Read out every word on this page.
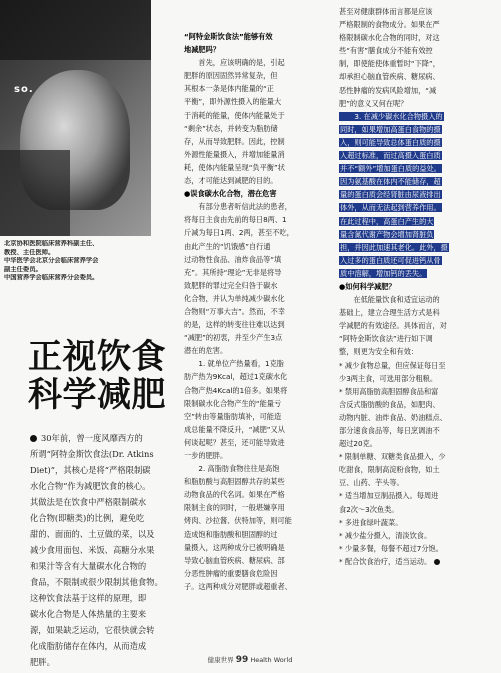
so.
北京协和医院临床营养科副主任、
教授、主任医师。
中华医学会北京分会临床营养学会
副主任委员。
中国营养学会临床营养分会委员。
正视饮食
科学减肥
30年前，曾一度风靡西方的
所谓“阿特金斯饮食法(Dr. Atkins
Diet)”，其核心是将“严格限制碳
水化合物”作为减肥饮食的核心。
其做法是在饮食中严格限制碳水
化合物(即糖类)的比例，避免吃
甜的、面面的、土豆做的菜，以及
减少食用面包、米饭、高糖分水果
和果汁等含有大量碳水化合物的
食品，不限制或很少限制其他食物。
这种饮食法基于这样的原理，即
碳水化合物是人体热量的主要来
源，如果缺乏运动，它很快就会转
化成脂肪储存在体内，从而造成
肥胖。
“阿特金斯饮食法”能够有效
地减肥吗？
　　首先，应该明确的是，引起
肥胖的原因固然异常复杂，但
其根本一条是体内能量的“正
平衡”，即外源性摄入的能量大
于消耗的能量，使体内能量处于
“剩余”状态，并转变为脂肪储
存，从而导致肥胖。因此，控制
外源性能量摄入，并增加能量消
耗，使体内能量呈现“负平衡”状
态，才可能达到减肥的目的。
●误食碳水化合物，潜在危害
　　有部分患者听信此法的患者，
将每日主食由先前的每日8两、1
斤减为每日1两、2两，甚至不吃，
由此产生的“饥饿感”自行通
过动物性食品、油炸食品等“填
充”。其所持“理论”无非是将导
致肥胖的罪过完全归咎于碳水
化合物，并认为单纯减少碳水化
合物则“万事大吉”。然而，不幸
的是，这样的转变往往难以达到
“减肥”的初衷，并至少产生3点
潜在的危害。
　　1. 就单位产热量看，1克脂
肪产热为9Kcal，超过1克碳水化
合物产热4Kcal的1倍多。如果将
限制碳水化合物产生的“能量亏
空”转由等量脂肪填补，可能造
成总能量不降反升，“减肥”又从
何谈起呢？甚至，还可能导致进
一步的肥胖。
　　2. 高脂肪食物往往是高饱
和脂肪酸与高胆固醇共存的某些
动物食品的代名词。如果在严格
限制主食的同时，一般堪嫌享用
烤肉、沙拉酱、伏特加等，则可能
造成饱和脂肪酸和胆固醇的过
量摄入，这两种成分已被明确是
导致心脑血管疾病、糖尿病、部
分恶性肿瘤的重要膳食危险因
子。这两种成分对肥胖或超重者、
甚至对健康群体而言都是应该
严格限制的食物成分。如果在严
格限制碳水化合物的同时，对这
些“有害”膳食成分不能有效控
制，即使能使体重暂时“下降”，
却承担心脑血管疾病、糖尿病、
恶性肿瘤的发病风险增加，“减
肥”的意义又何在呢？
　　3. 在减少碳水化合物摄入的
同时，如果增加高蛋白食物的摄
入，则可能导致总体蛋白质的摄
入超过标准，而过高摄入蛋白质
并不“额外”增加蛋白质的益处。
因为氨基酸在体内不能储存，超
量的蛋白质会经肾脏由尿液排出
体外，从而无法起到营养作用。
在此过程中，高蛋白产生的大
量含氮代谢产物会增加肾脏负
担，并因此加速其老化。此外，摄
入过多的蛋白质还可促进钙从骨
质中溶解，增加钙的丢失。
●如何科学减肥？
　　在低能量饮食和适宜运动的
基础上，建立合理生活方式是科
学减肥的有效途径。具体而言，对
“阿特金斯饮食法”进行如下调
整，则更为安全和有效：
* 减少食物总量，但应保证每日至
少3两主食，可选用部分粗粮。
* 禁用高脂肪高胆固醇食品和富
含反式脂肪酸的食品，如肥肉、
动物内脏、油炸食品、奶油糕点、
部分速食食品等，每日烹调油不
超过20克。
* 限制单糖、双糖类食品摄入，少
吃甜食，限制高淀粉食物，如土
豆、山药、芋头等。
* 适当增加豆制品摄入。每周进
食2次～3次鱼类。
* 多进食绿叶蔬菜。
* 减少盐分摄入，清淡饮食。
* 少量多餐，每餐不超过7分饱。
* 配合饮食治疗，适当运动。
健康世界 99 Health World
